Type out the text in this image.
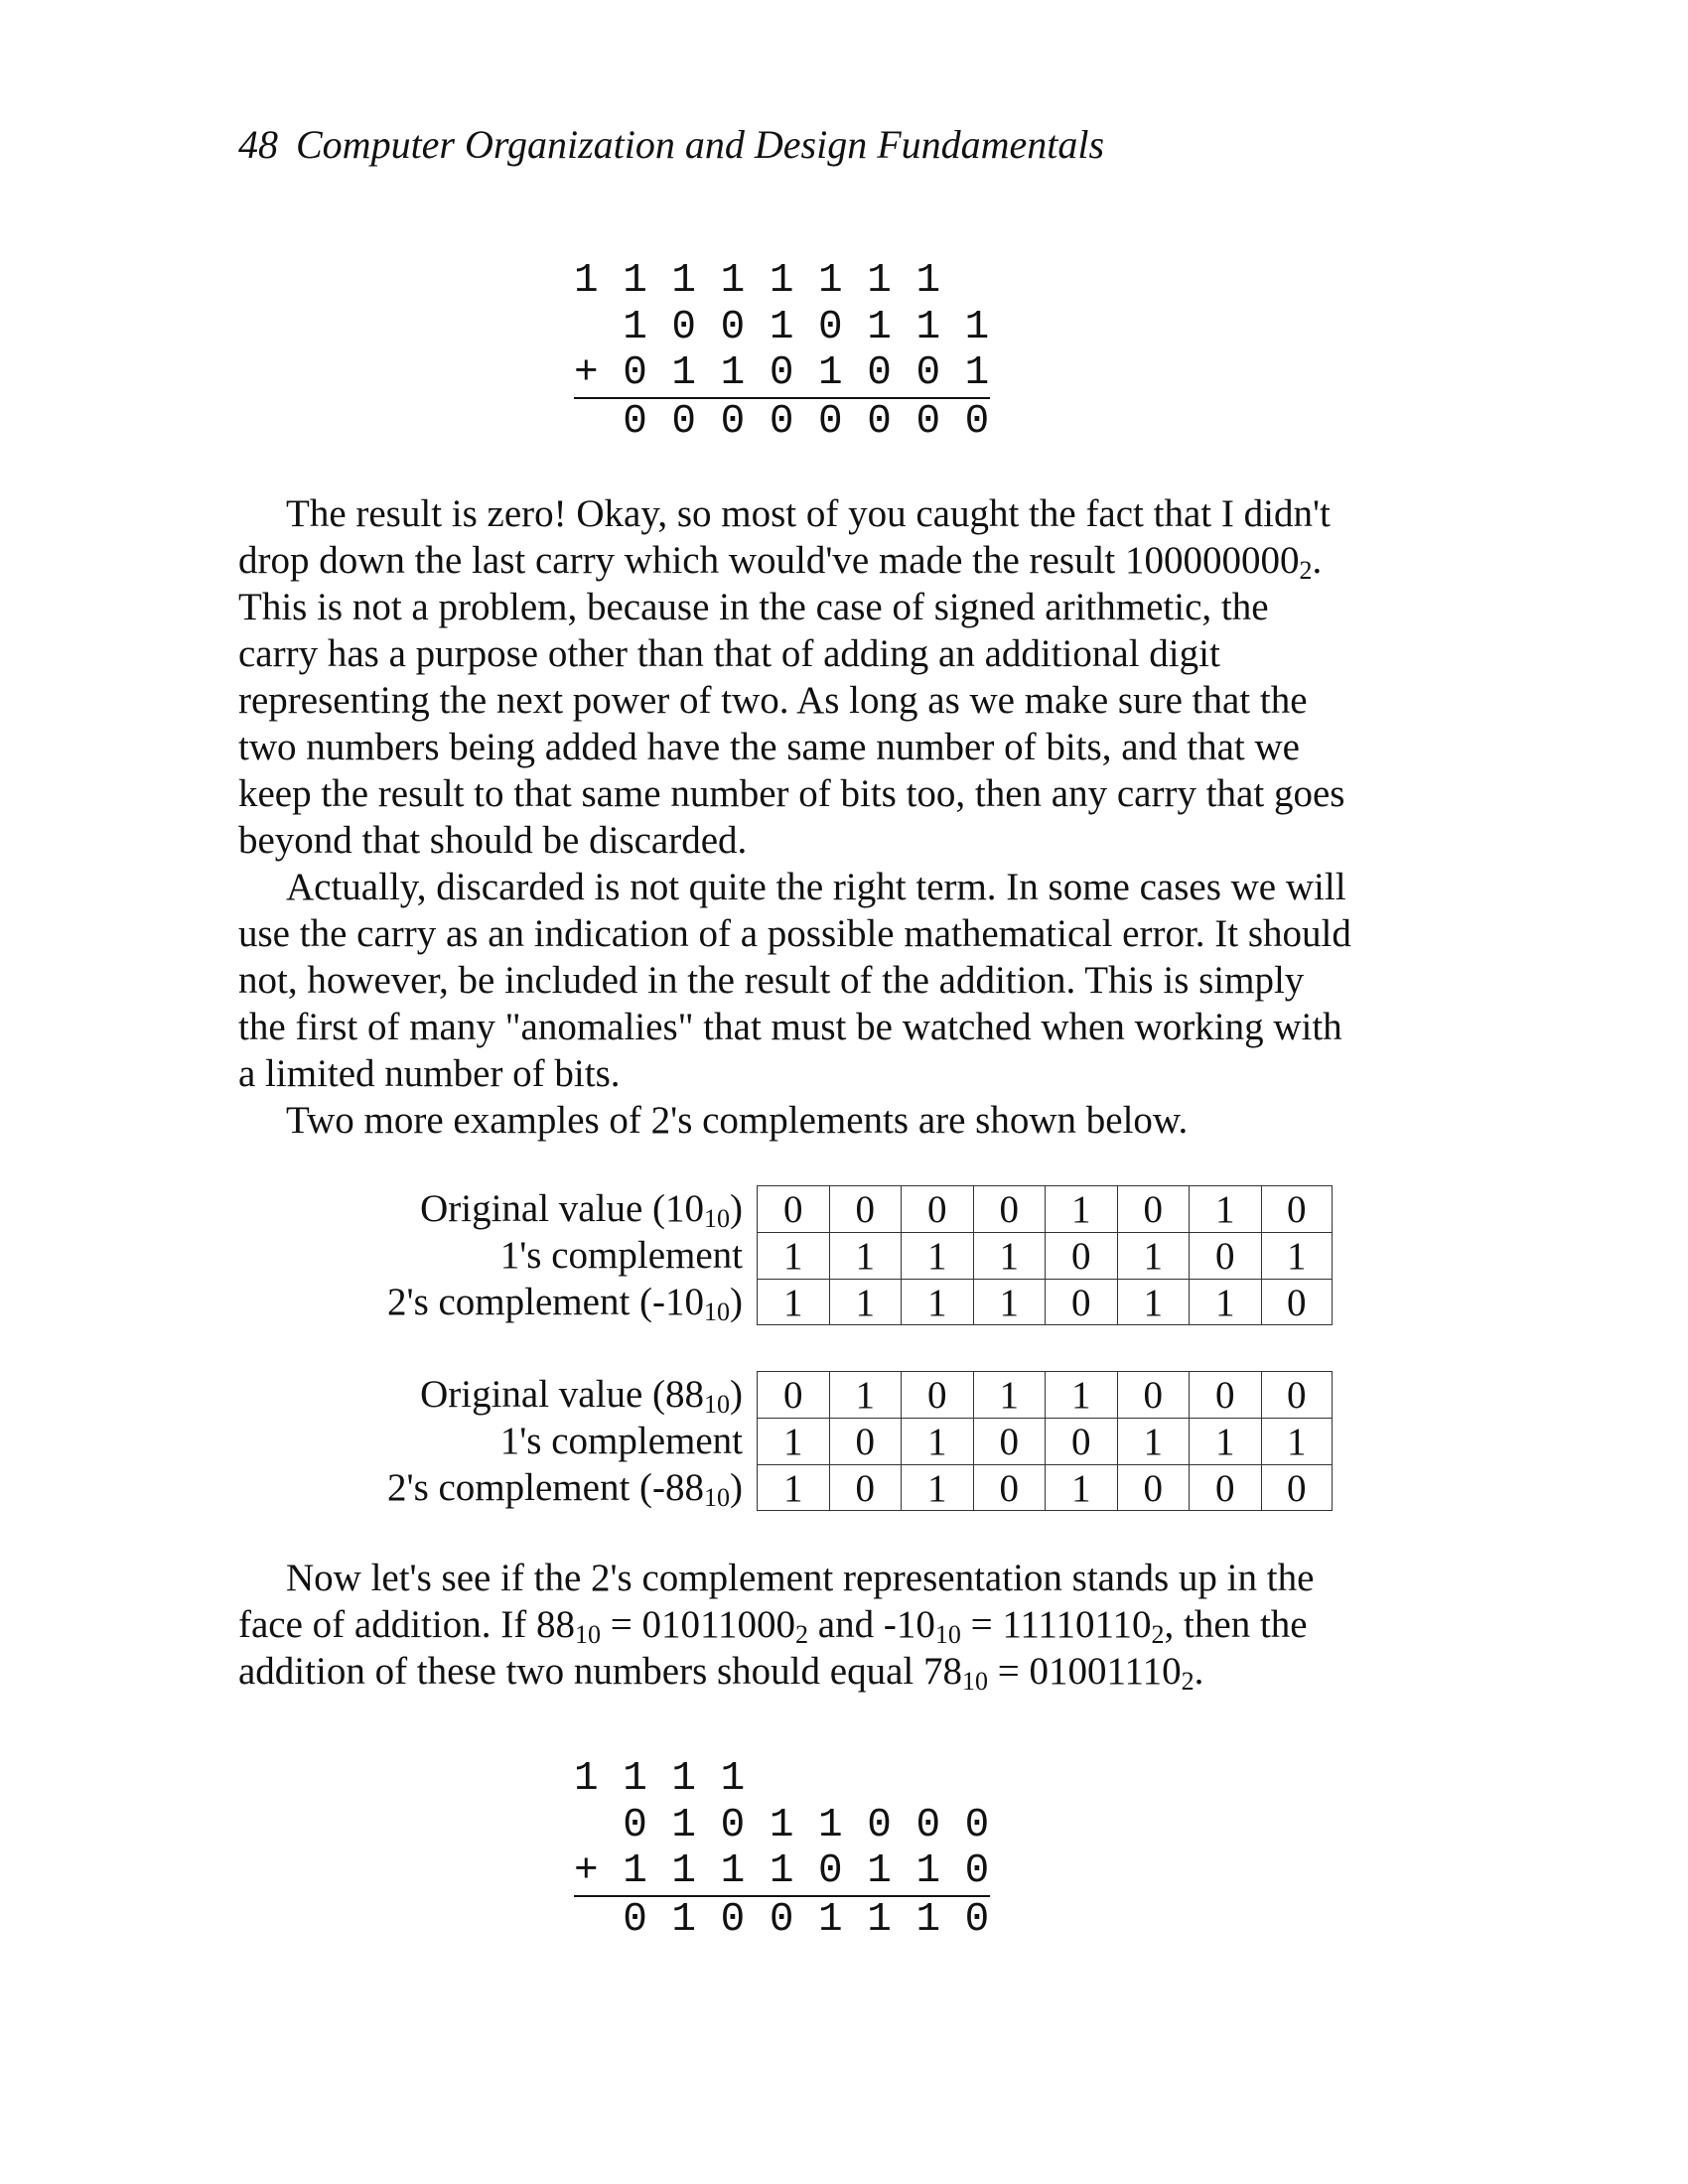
48 Computer Organization and Design Fundamentals
1 1 1 1 1 1 1 1
1 0 0 1 0 1 1 1
+ 0 1 1 0 1 0 0 1
0 0 0 0 0 0 0 0

The result is zero! Okay, so most of you caught the fact that I didn't
drop down the last carry which would've made the result $100000000_2$.
This is not a problem, because in the case of signed arithmetic, the
carry has a purpose other than that of adding an additional digit
representing the next power of two. As long as we make sure that the
two numbers being added have the same number of bits, and that we
keep the result to that same number of bits too, then any carry that goes
beyond that should be discarded.

Actually, discarded is not quite the right term. In some cases we will
use the carry as an indication of a possible mathematical error. It should
not, however, be included in the result of the addition. This is simply
the first of many "anomalies" that must be watched when working with
a limited number of bits.

Two more examples of 2's complements are shown below.

Original value $(10_{10})$	0	0	0	0	1	0	1	0
1's complement	1	1	1	1	0	1	0	1
2's complement $(-10_{10})$	1	1	1	1	0	1	1	0
Original value $(88_{10})$	0	1	0	1	1	0	0	0
1's complement	1	0	1	0	0	1	1	1
2's complement $(-88_{10})$	1	0	1	0	1	0	0	0

Now let's see if the 2's complement representation stands up in the
face of addition. If $88_{10} = 01011000_2$ and $-10_{10} = 11110110_2$, then the
addition of these two numbers should equal $78_{10} = 01001110_2$.

1 1 1 1
0 1 0 1 1 0 0 0
+ 1 1 1 1 0 1 1 0
0 1 0 0 1 1 1 0
